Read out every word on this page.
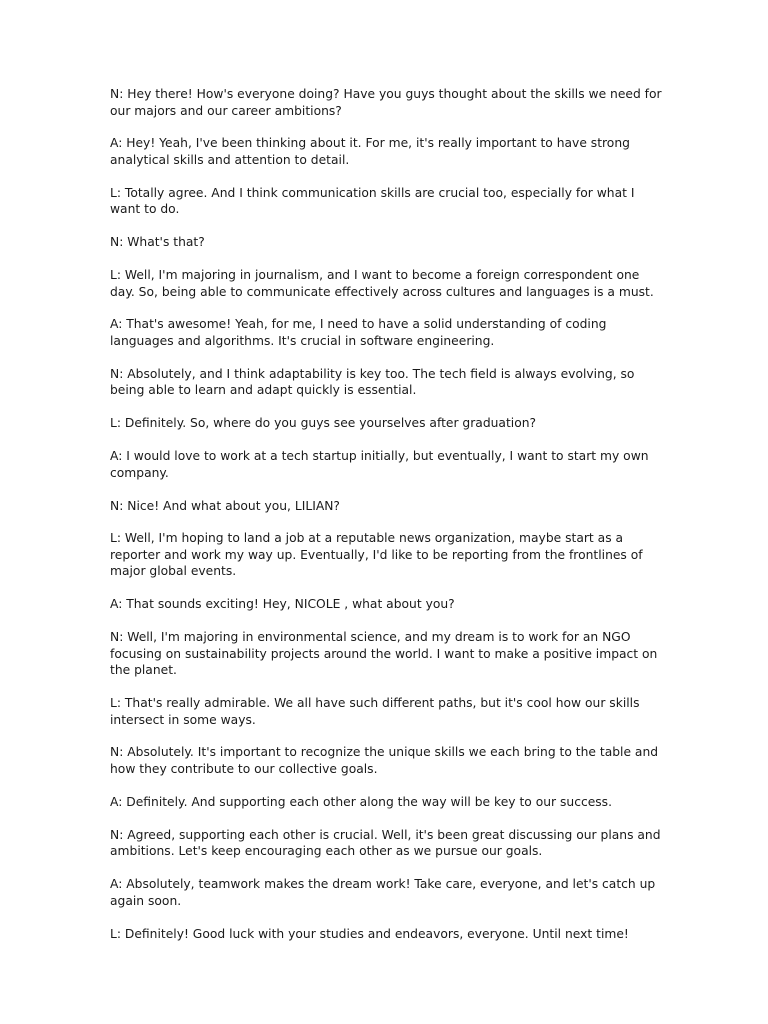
N: Hey there! How's everyone doing? Have you guys thought about the skills we need for our majors and our career ambitions?

A: Hey! Yeah, I've been thinking about it. For me, it's really important to have strong analytical skills and attention to detail.

L: Totally agree. And I think communication skills are crucial too, especially for what I want to do.

N: What's that?

L: Well, I'm majoring in journalism, and I want to become a foreign correspondent one day. So, being able to communicate effectively across cultures and languages is a must.

A: That's awesome! Yeah, for me, I need to have a solid understanding of coding languages and algorithms. It's crucial in software engineering.

N: Absolutely, and I think adaptability is key too. The tech field is always evolving, so being able to learn and adapt quickly is essential.

L: Definitely. So, where do you guys see yourselves after graduation?

A: I would love to work at a tech startup initially, but eventually, I want to start my own company.

N: Nice! And what about you, LILIAN?

L: Well, I'm hoping to land a job at a reputable news organization, maybe start as a reporter and work my way up. Eventually, I'd like to be reporting from the frontlines of major global events.

A: That sounds exciting! Hey, NICOLE , what about you?

N: Well, I'm majoring in environmental science, and my dream is to work for an NGO focusing on sustainability projects around the world. I want to make a positive impact on the planet.

L: That's really admirable. We all have such different paths, but it's cool how our skills intersect in some ways.

N: Absolutely. It's important to recognize the unique skills we each bring to the table and how they contribute to our collective goals.

A: Definitely. And supporting each other along the way will be key to our success.

N: Agreed, supporting each other is crucial. Well, it's been great discussing our plans and ambitions. Let's keep encouraging each other as we pursue our goals.

A: Absolutely, teamwork makes the dream work! Take care, everyone, and let's catch up again soon.

L: Definitely! Good luck with your studies and endeavors, everyone. Until next time!
